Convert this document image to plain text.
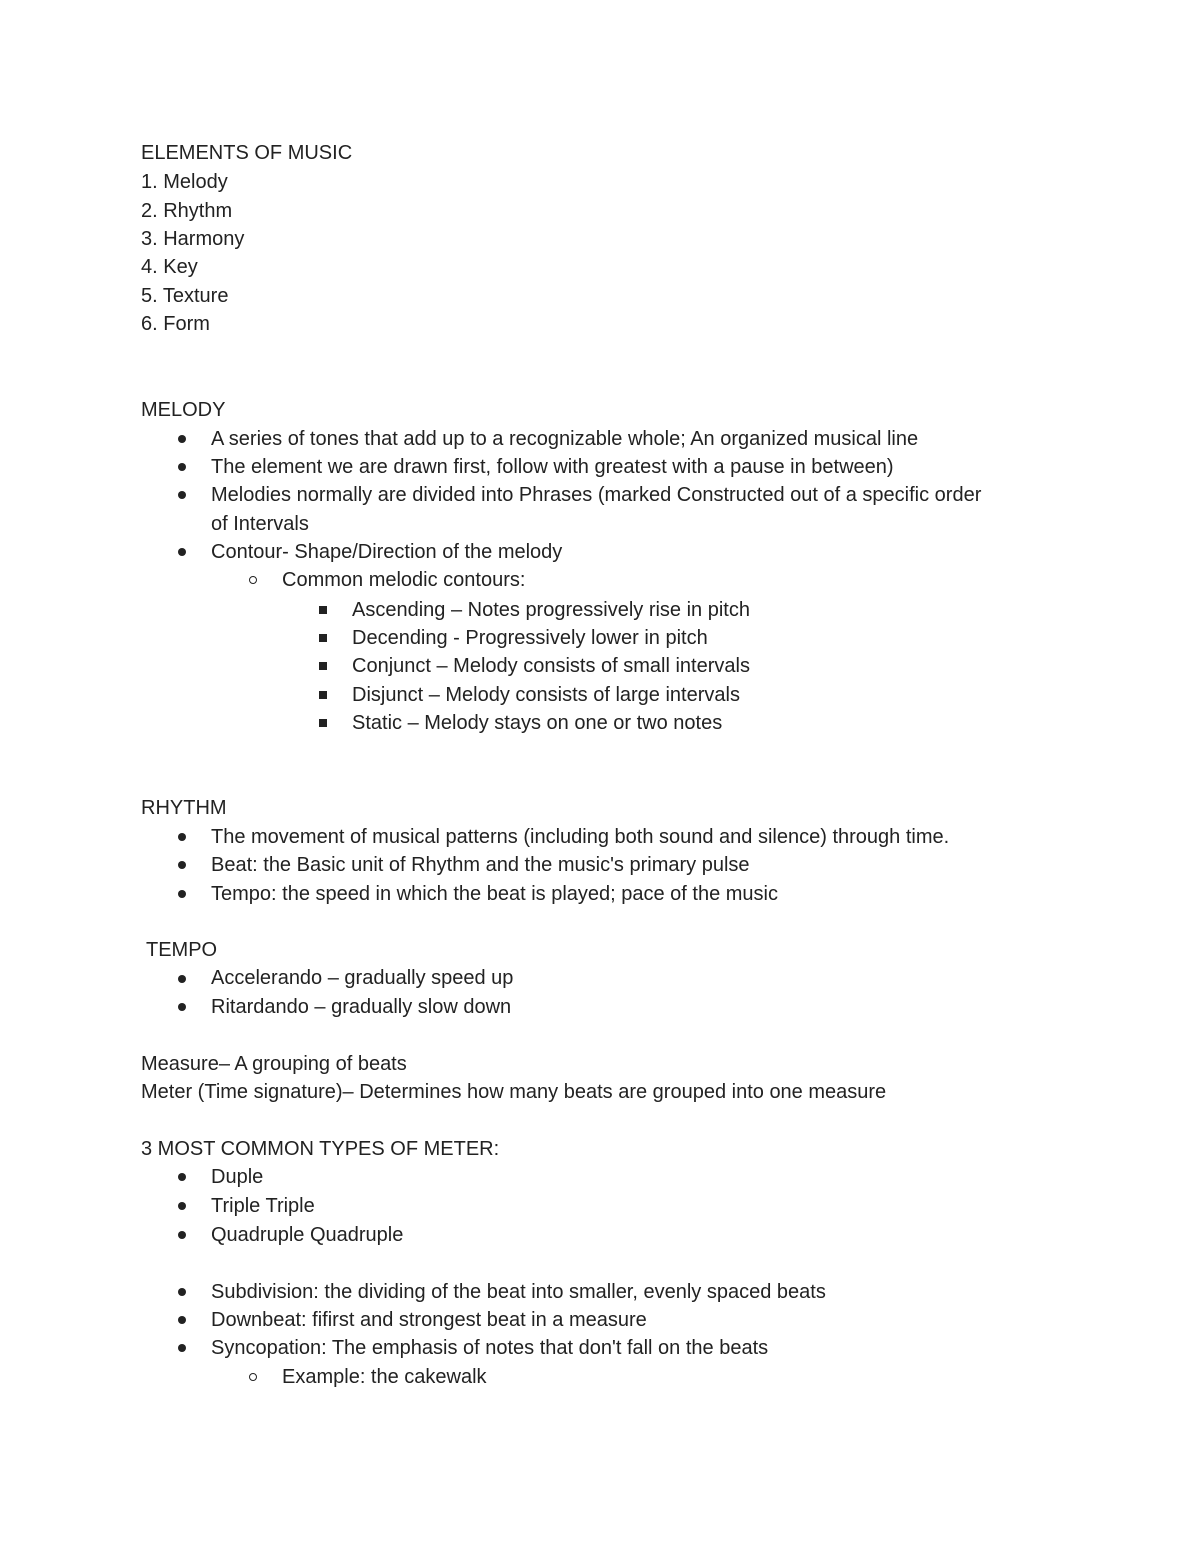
ELEMENTS OF MUSIC
1. Melody
2. Rhythm
3. Harmony
4. Key
5. Texture
6. Form
MELODY
A series of tones that add up to a recognizable whole; An organized musical line
The element we are drawn first, follow with greatest with a pause in between)
Melodies normally are divided into Phrases (marked Constructed out of a specific order
of Intervals
Contour- Shape/Direction of the melody
Common melodic contours:
Ascending – Notes progressively rise in pitch
Decending - Progressively lower in pitch
Conjunct – Melody consists of small intervals
Disjunct – Melody consists of large intervals
Static – Melody stays on one or two notes
RHYTHM
The movement of musical patterns (including both sound and silence) through time.
Beat: the Basic unit of Rhythm and the music's primary pulse
Tempo: the speed in which the beat is played; pace of the music
TEMPO
Accelerando – gradually speed up
Ritardando – gradually slow down
Measure– A grouping of beats
Meter (Time signature)– Determines how many beats are grouped into one measure
3 MOST COMMON TYPES OF METER:
Duple
Triple Triple
Quadruple Quadruple
Subdivision: the dividing of the beat into smaller, evenly spaced beats
Downbeat: fifirst and strongest beat in a measure
Syncopation: The emphasis of notes that don't fall on the beats
Example: the cakewalk
